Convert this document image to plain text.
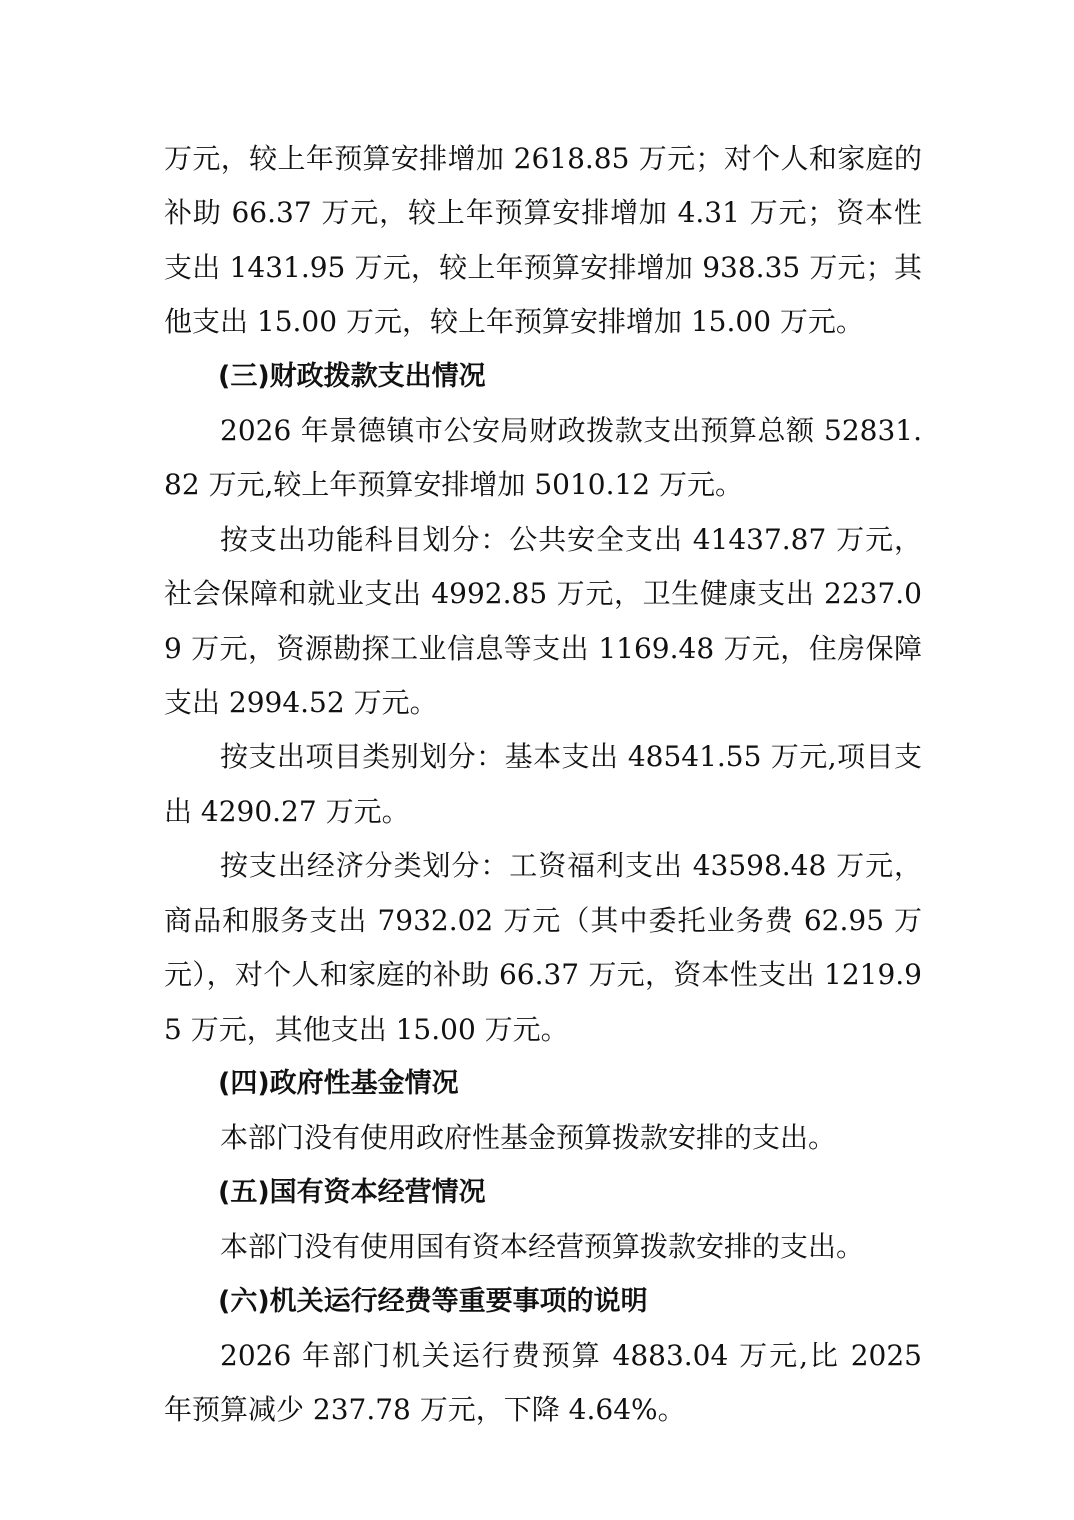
万元，较上年预算安排增加 2618.85 万元；对个人和家庭的补助 66.37 万元，较上年预算安排增加 4.31 万元；资本性支出 1431.95 万元，较上年预算安排增加 938.35 万元；其他支出 15.00 万元，较上年预算安排增加 15.00 万元。

(三)财政拨款支出情况

2026 年景德镇市公安局财政拨款支出预算总额 52831.82 万元,较上年预算安排增加 5010.12 万元。

按支出功能科目划分：公共安全支出 41437.87 万元，社会保障和就业支出 4992.85 万元，卫生健康支出 2237.09 万元，资源勘探工业信息等支出 1169.48 万元，住房保障支出 2994.52 万元。

按支出项目类别划分：基本支出 48541.55 万元,项目支出 4290.27 万元。

按支出经济分类划分：工资福利支出 43598.48 万元，商品和服务支出 7932.02 万元（其中委托业务费 62.95 万元），对个人和家庭的补助 66.37 万元，资本性支出 1219.95 万元，其他支出 15.00 万元。

(四)政府性基金情况

本部门没有使用政府性基金预算拨款安排的支出。

(五)国有资本经营情况

本部门没有使用国有资本经营预算拨款安排的支出。

(六)机关运行经费等重要事项的说明

2026 年部门机关运行费预算 4883.04 万元,比 2025 年预算减少 237.78 万元，下降 4.64%。
